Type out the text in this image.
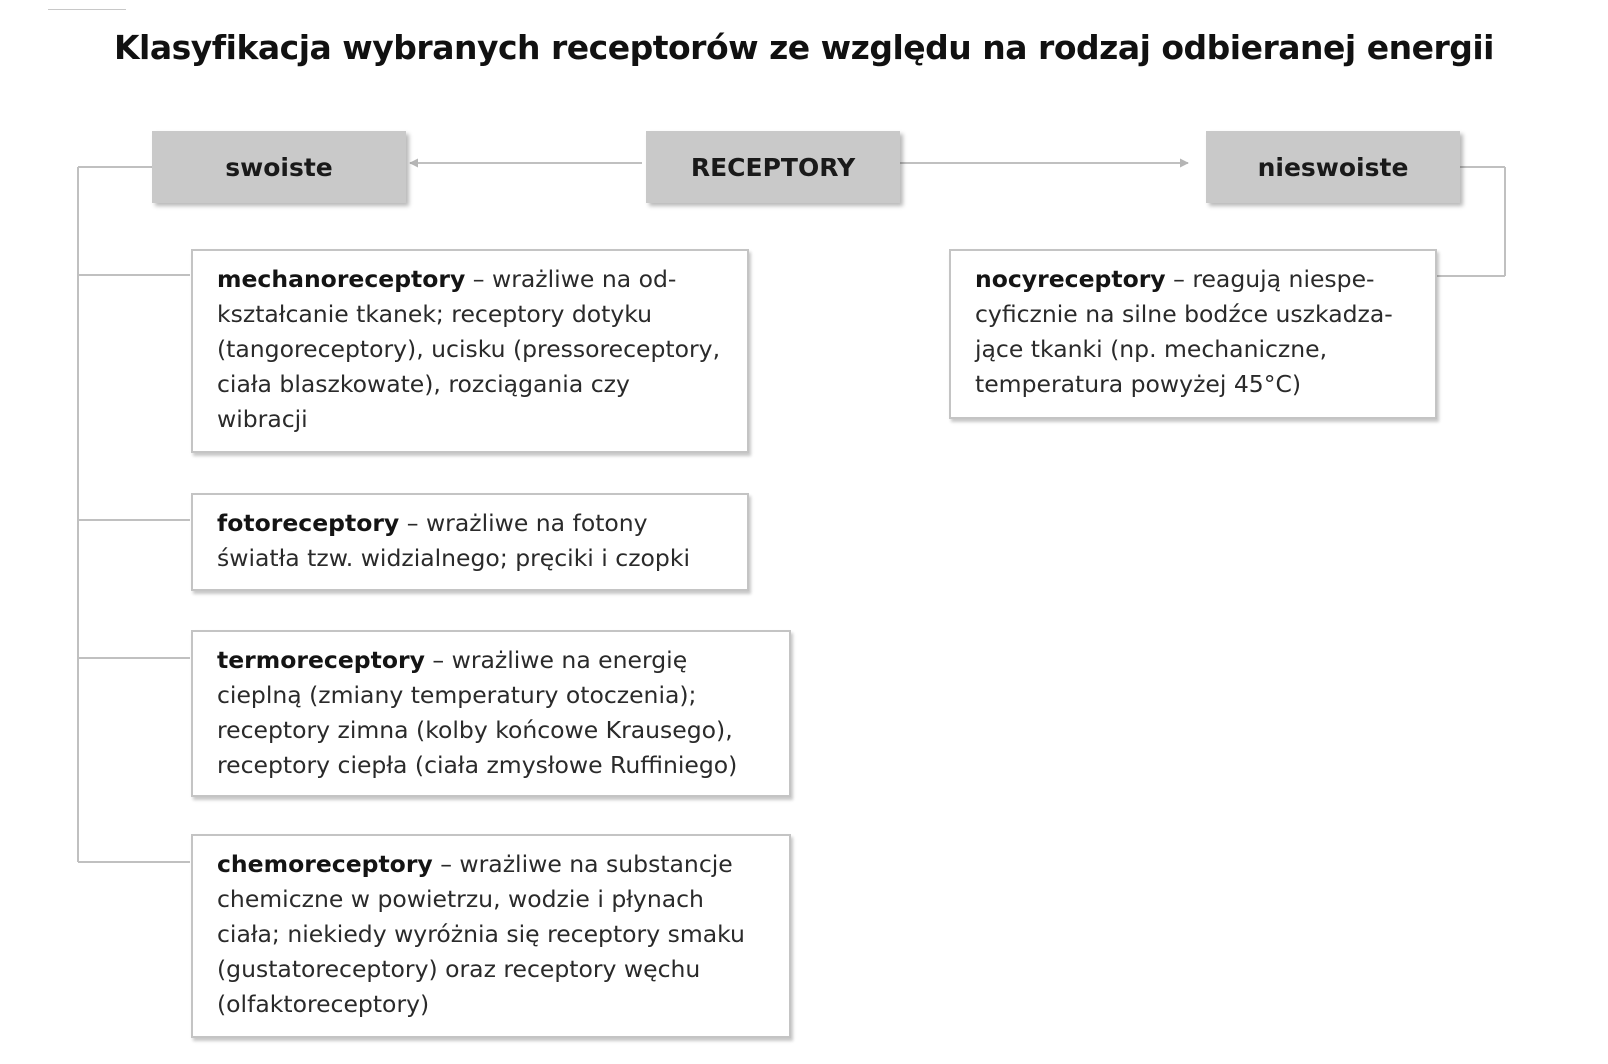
Klasyfikacja wybranych receptorów ze względu na rodzaj odbieranej energii
swoiste	RECEPTORY	nieswoiste
mechanoreceptory – wrażliwe na od-
kształcanie tkanek; receptory dotyku
(tangoreceptory), ucisku (pressoreceptory,
ciała blaszkowate), rozciągania czy
wibracji
fotoreceptory – wrażliwe na fotony
światła tzw. widzialnego; pręciki i czopki
termoreceptory – wrażliwe na energię
cieplną (zmiany temperatury otoczenia);
receptory zimna (kolby końcowe Krausego),
receptory ciepła (ciała zmysłowe Ruffiniego)
chemoreceptory – wrażliwe na substancje
chemiczne w powietrzu, wodzie i płynach
ciała; niekiedy wyróżnia się receptory smaku
(gustatoreceptory) oraz receptory węchu
(olfaktoreceptory)
nocyreceptory – reagują niespe-
cyficznie na silne bodźce uszkadza-
jące tkanki (np. mechaniczne,
temperatura powyżej 45°C)
